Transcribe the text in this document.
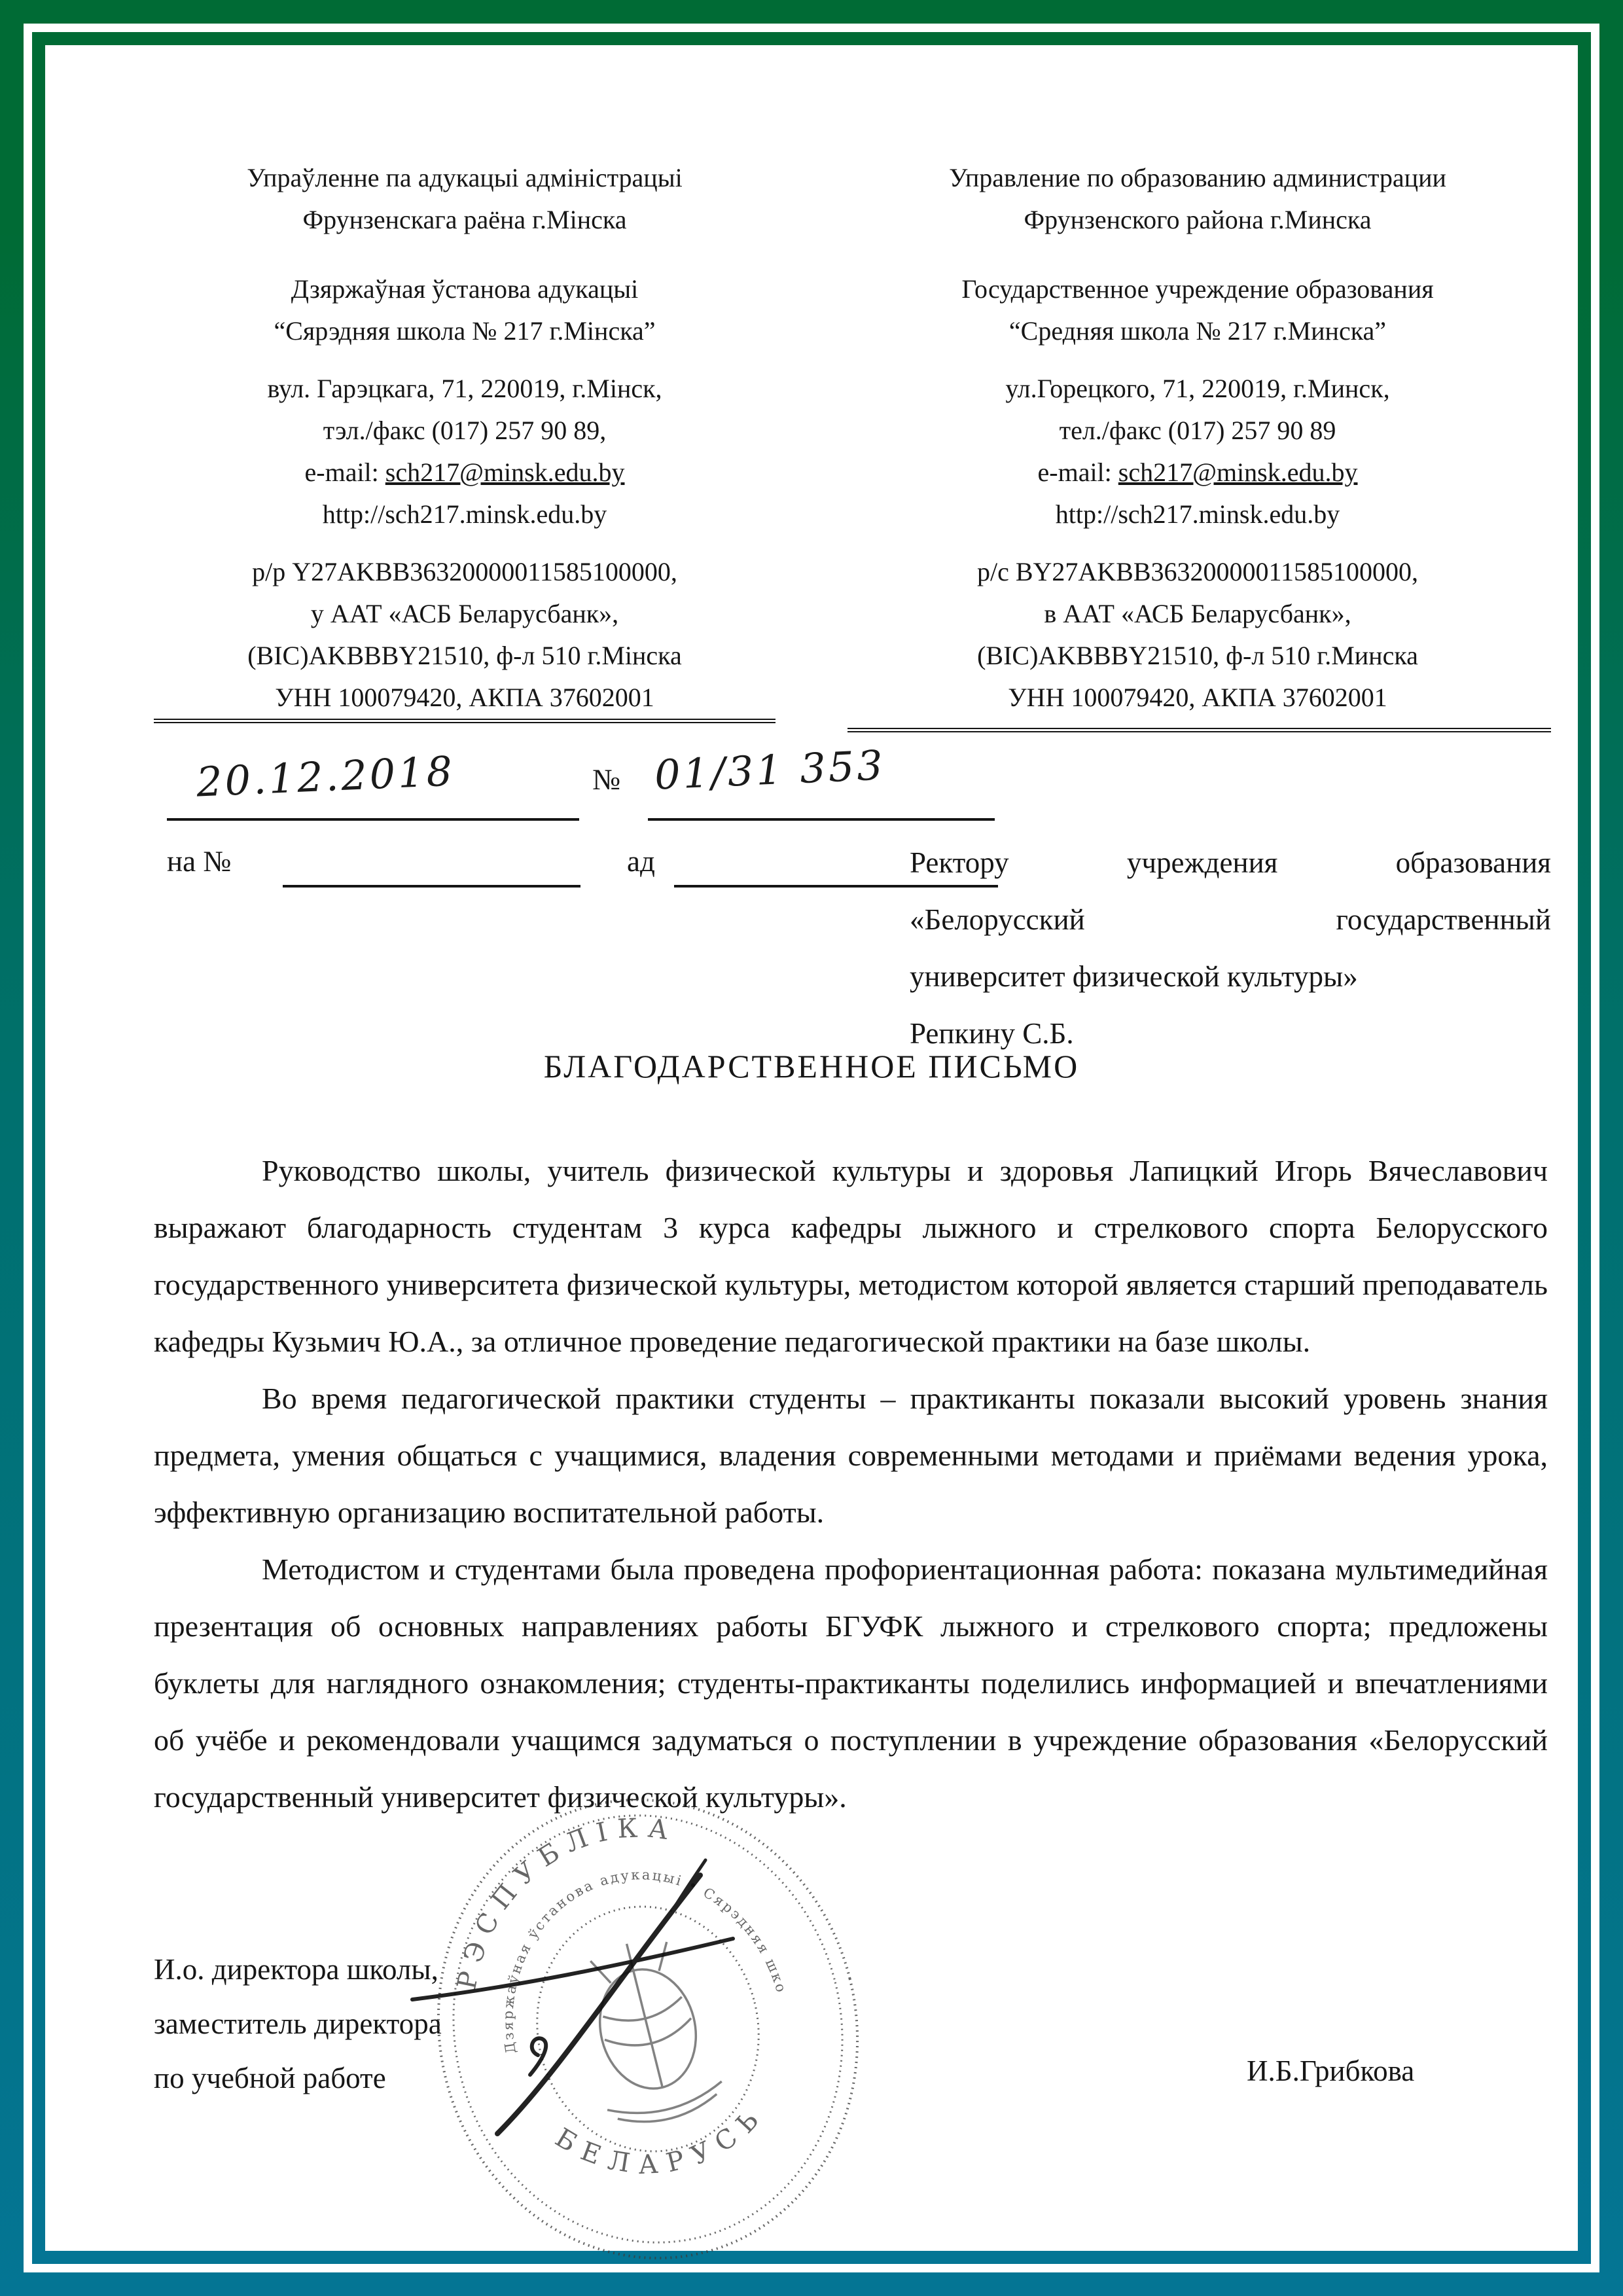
Упраўленне па адукацыі адміністрацыі
Фрунзенскага раёна г.Мінска
Дзяржаўная ўстанова адукацыі
“Сярэдняя школа № 217 г.Мінска”
вул. Гарэцкага, 71, 220019, г.Мінск,
тэл./факс (017) 257 90 89,
e-mail: sch217@minsk.edu.by
http://sch217.minsk.edu.by
р/р Y27AKBB36320000011585100000,
у ААТ «АСБ Беларусбанк»,
(BIC)AKBBBY21510, ф-л 510 г.Мінска
УНН 100079420, АКПА 37602001
Управление по образованию администрации
Фрунзенского района г.Минска
Государственное учреждение образования
“Средняя школа № 217 г.Минска”
ул.Горецкого, 71, 220019, г.Минск,
тел./факс (017) 257 90 89
e-mail: sch217@minsk.edu.by
http://sch217.minsk.edu.by
р/с BY27AKBB36320000011585100000,
в ААТ «АСБ Беларусбанк»,
(BIC)AKBBBY21510, ф-л 510 г.Минска
УНН 100079420, АКПА 37602001
20.12.2018	№ 01/31 353
на №	ад	Ректору учреждения образования
«Белорусский государственный
университет физической культуры»
Репкину С.Б.
БЛАГОДАРСТВЕННОЕ ПИСЬМО

Руководство школы, учитель физической культуры и здоровья Лапицкий Игорь Вячеславович выражают благодарность студентам 3 курса кафедры лыжного и стрелкового спорта Белорусского государственного университета физической культуры, методистом которой является старший преподаватель кафедры Кузьмич Ю.А., за отличное проведение педагогической практики на базе школы.

Во время педагогической практики студенты – практиканты показали высокий уровень знания предмета, умения общаться с учащимися, владения современными методами и приёмами ведения урока, эффективную организацию воспитательной работы.

Методистом и студентами была проведена профориентационная работа: показана мультимедийная презентация об основных направлениях работы БГУФК лыжного и стрелкового спорта; предложены буклеты для наглядного ознакомления; студенты-практиканты поделились информацией и впечатлениями об учёбе и рекомендовали учащимся задуматься о поступлении в учреждение образования «Белорусский государственный университет физической культуры».

И.о. директора школы,
заместитель директора
по учебной работе	И.Б.Грибкова
РЭСПУБЛІКА
БЕЛАРУСЬ
Дзяржаўная ўстанова адукацыі • Сярэдняя школа
